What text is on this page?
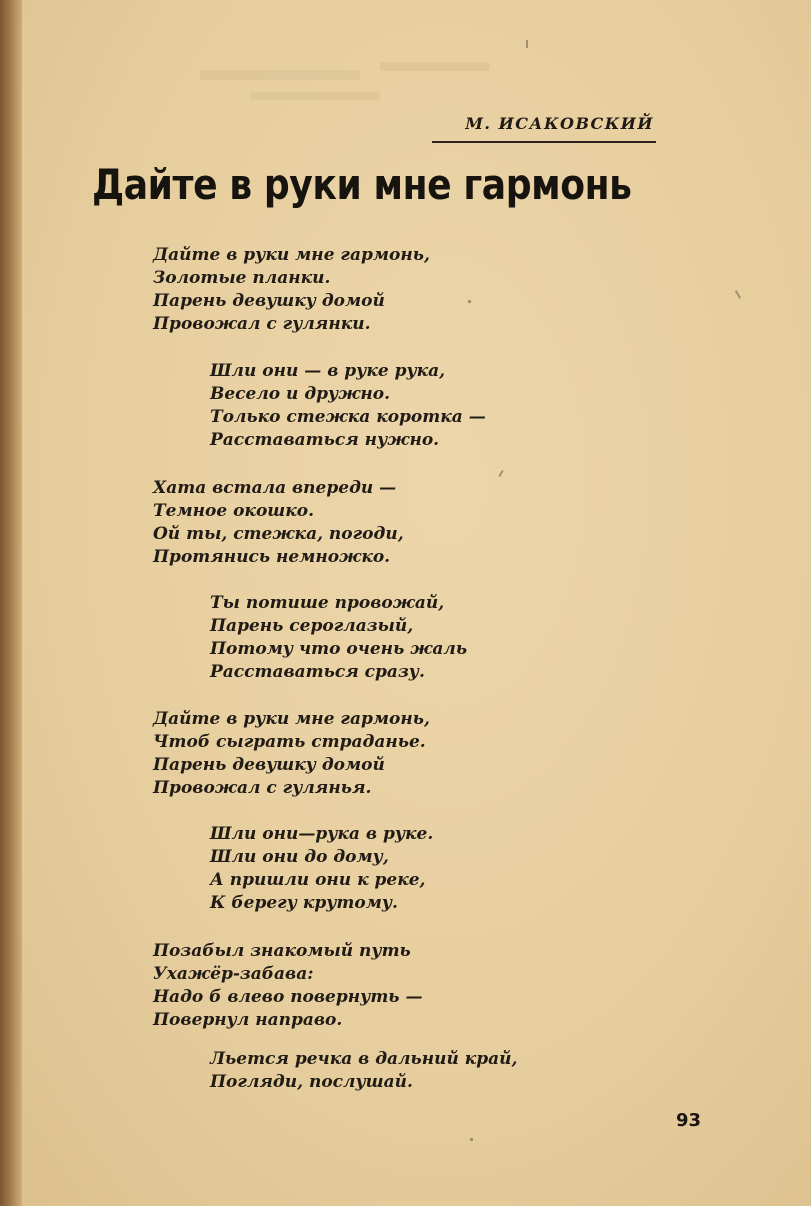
М. ИСАКОВСКИЙ
Дайте в руки мне гармонь
Дайте в руки мне гармонь,
Золотые планки.
Парень девушку домой
Провожал с гулянки.
Шли они — в руке рука,
Весело и дружно.
Только стежка коротка —
Расставаться нужно.
Хата встала впереди —
Темное окошко.
Ой ты, стежка, погоди,
Протянись немножко.
Ты потише провожай,
Парень сероглазый,
Потому что очень жаль
Расставаться сразу.
Дайте в руки мне гармонь,
Чтоб сыграть страданье.
Парень девушку домой
Провожал с гулянья.
Шли они—рука в руке.
Шли они до дому,
А пришли они к реке,
К берегу крутому.
Позабыл знакомый путь
Ухажёр-забава:
Надо б влево повернуть —
Повернул направо.
Льется речка в дальний край,
Погляди, послушай.
93
